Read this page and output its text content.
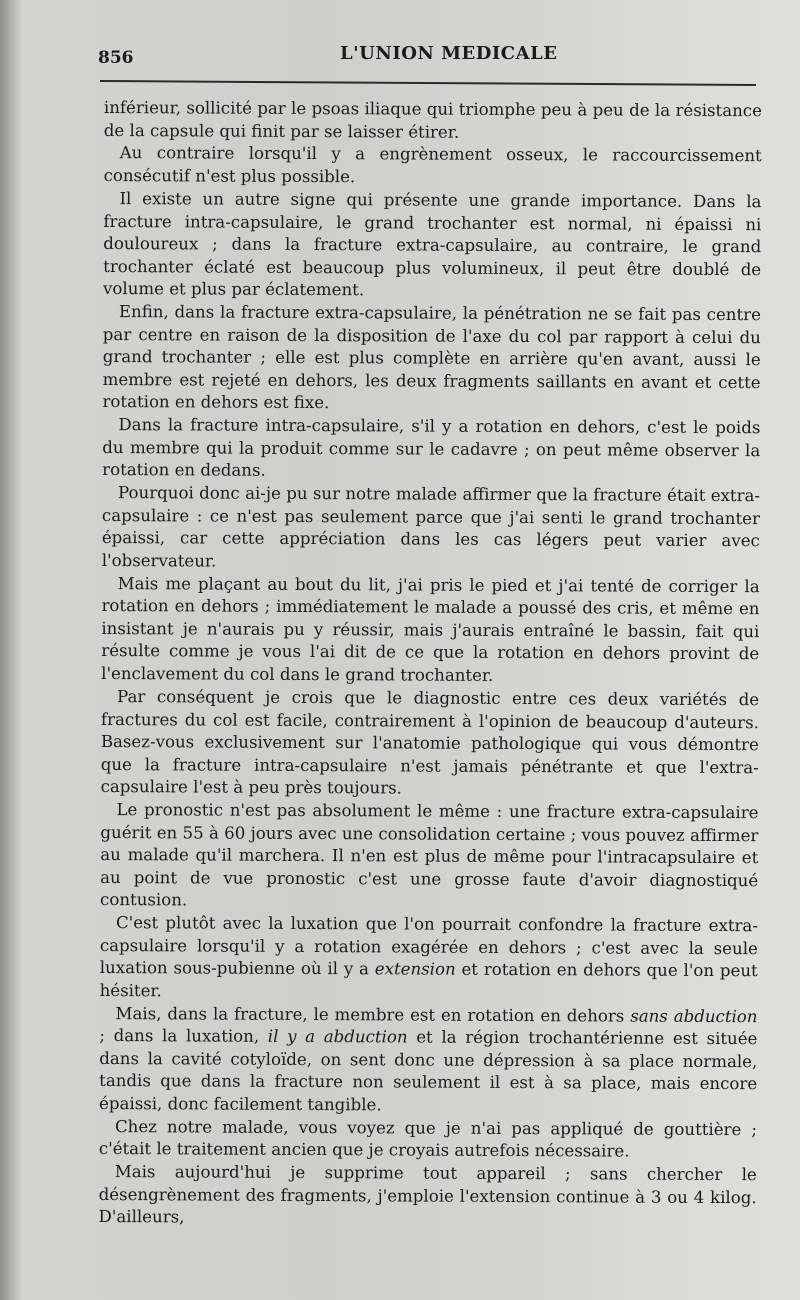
856	L'UNION MEDICALE

inférieur, sollicité par le psoas iliaque qui triomphe peu à peu de la résistance de la capsule qui finit par se laisser étirer.

Au contraire lorsqu'il y a engrènement osseux, le raccourcissement consécutif n'est plus possible.

Il existe un autre signe qui présente une grande importance. Dans la fracture intra-capsulaire, le grand trochanter est normal, ni épaissi ni douloureux ; dans la fracture extra-capsulaire, au contraire, le grand trochanter éclaté est beaucoup plus volumineux, il peut être doublé de volume et plus par éclatement.

Enfin, dans la fracture extra-capsulaire, la pénétration ne se fait pas centre par centre en raison de la disposition de l'axe du col par rapport à celui du grand trochanter ; elle est plus complète en arrière qu'en avant, aussi le membre est rejeté en dehors, les deux fragments saillants en avant et cette rotation en dehors est fixe.

Dans la fracture intra-capsulaire, s'il y a rotation en dehors, c'est le poids du membre qui la produit comme sur le cadavre ; on peut même observer la rotation en dedans.

Pourquoi donc ai-je pu sur notre malade affirmer que la fracture était extra-capsulaire : ce n'est pas seulement parce que j'ai senti le grand trochanter épaissi, car cette appréciation dans les cas légers peut varier avec l'observateur.

Mais me plaçant au bout du lit, j'ai pris le pied et j'ai tenté de corriger la rotation en dehors ; immédiatement le malade a poussé des cris, et même en insistant je n'aurais pu y réussir, mais j'aurais entraîné le bassin, fait qui résulte comme je vous l'ai dit de ce que la rotation en dehors provint de l'enclavement du col dans le grand trochanter.

Par conséquent je crois que le diagnostic entre ces deux variétés de fractures du col est facile, contrairement à l'opinion de beaucoup d'auteurs. Basez-vous exclusivement sur l'anatomie pathologique qui vous démontre que la fracture intra-capsulaire n'est jamais pénétrante et que l'extra-capsulaire l'est à peu près toujours.

Le pronostic n'est pas absolument le même : une fracture extra-capsulaire guérit en 55 à 60 jours avec une consolidation certaine ; vous pouvez affirmer au malade qu'il marchera. Il n'en est plus de même pour l'intracapsulaire et au point de vue pronostic c'est une grosse faute d'avoir diagnostiqué contusion.

C'est plutôt avec la luxation que l'on pourrait confondre la fracture extra-capsulaire lorsqu'il y a rotation exagérée en dehors ; c'est avec la seule luxation sous-pubienne où il y a extension et rotation en dehors que l'on peut hésiter.

Mais, dans la fracture, le membre est en rotation en dehors sans abduction ; dans la luxation, il y a abduction et la région trochantérienne est située dans la cavité cotyloïde, on sent donc une dépression à sa place normale, tandis que dans la fracture non seulement il est à sa place, mais encore épaissi, donc facilement tangible.

Chez notre malade, vous voyez que je n'ai pas appliqué de gouttière ; c'était le traitement ancien que je croyais autrefois nécessaire.

Mais aujourd'hui je supprime tout appareil ; sans chercher le désengrènement des fragments, j'emploie l'extension continue à 3 ou 4 kilog. D'ailleurs,
